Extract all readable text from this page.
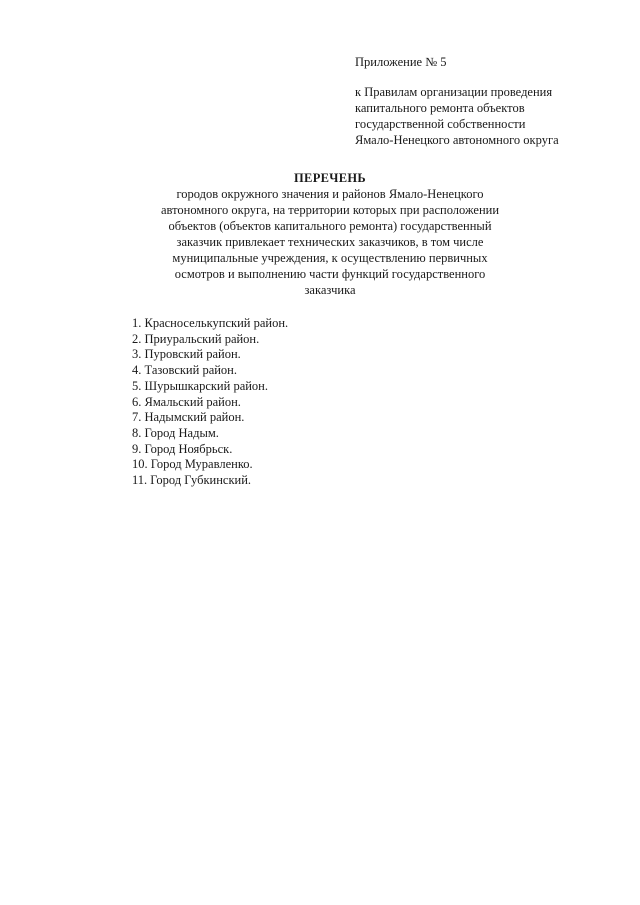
Приложение № 5
к Правилам организации проведения
капитального ремонта объектов
государственной собственности
Ямало-Ненецкого автономного округа
ПЕРЕЧЕНЬ
городов окружного значения и районов Ямало-Ненецкого
автономного округа, на территории которых при расположении
объектов (объектов капитального ремонта) государственный
заказчик привлекает технических заказчиков, в том числе
муниципальные учреждения, к осуществлению первичных
осмотров и выполнению части функций государственного
заказчика
1. Красноселькупский район.
2. Приуральский район.
3. Пуровский район.
4. Тазовский район.
5. Шурышкарский район.
6. Ямальский район.
7. Надымский район.
8. Город Надым.
9. Город Ноябрьск.
10. Город Муравленко.
11. Город Губкинский.
